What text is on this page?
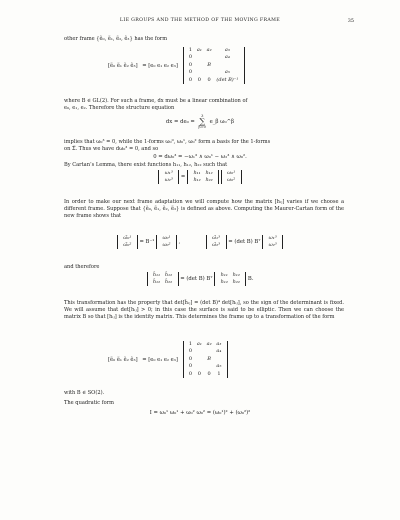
LIE GROUPS AND THE METHOD OF THE MOVING FRAME	35
other frame {ẽ₀, ẽ₁, ẽ₂, ẽ₃} has the form
[ẽ₀ ẽ₁ ẽ₂ ẽ₃] = [e₀ e₁ e₂ e₃]
1	a₁	a₂	a₃
0			a₄
0		B	
0			a₅
0	0	0	(det B)⁻¹
where B ∈ GL(2). For such a frame, dx must be a linear combination of
e₀, e₁, e₂. Therefore the structure equation
dx = de₀ =
3
∑
β=0
e_β ω₀^β
implies that ω₀³ = 0, while the 1-forms ω₀⁰, ω₀¹, ω₀² form a basis for the 1-forms
on Σ̃. Thus we have dω₀³ = 0, and so
0 = dω₀³ = −ω₁³ ∧ ω₀¹ − ω₂³ ∧ ω₀².
By Cartan’s Lemma, there exist functions h₁₁, h₁₂, h₂₂ such that
ω₁³
ω₂³ =
h₁₁	h₁₂
h₁₂	h₂₂

ω₀¹
ω₀²
In order to make our next frame adaptation we will compute how the matrix [hᵢⱼ] varies if we choose a different frame. Suppose that {ẽ₀, ẽ₁, ẽ₂, ẽ₃} is defined as above. Computing the Maurer-Cartan form of the new frame shows that
ω̃₀¹
ω̃₀² = B⁻¹
ω₀¹
ω₀² ,
ω̃₁³
ω̃₂³ = (det B) Bᵀ
ω₁³
ω₂³
and therefore
h̃₁₁	h̃₁₂
h̃₁₂	h̃₂₂ = (det B) Bᵀ
h₁₁	h₁₂
h₁₂	h₂₂ B.
This transformation has the property that det[h̃ᵢⱼ] = (det B)⁴ det[hᵢⱼ], so the sign of the determinant is fixed. We will assume that det[hᵢⱼ] > 0; in this case the surface is said to be elliptic. Then we can choose the matrix B so that [hᵢⱼ] is the identity matrix. This determines the frame up to a transformation of the form
[ẽ₀ ẽ₁ ẽ₂ ẽ₃] = [e₀ e₁ e₂ e₃]
1	a₁	a₂	a₃
0			a₄
0		B	
0			a₅
0	0	0	1
with B ∈ SO(2).
The quadratic form
I = ω₀¹ ω₀¹ + ω₀² ω₀² = (ω₀¹)² + (ω₀²)²
